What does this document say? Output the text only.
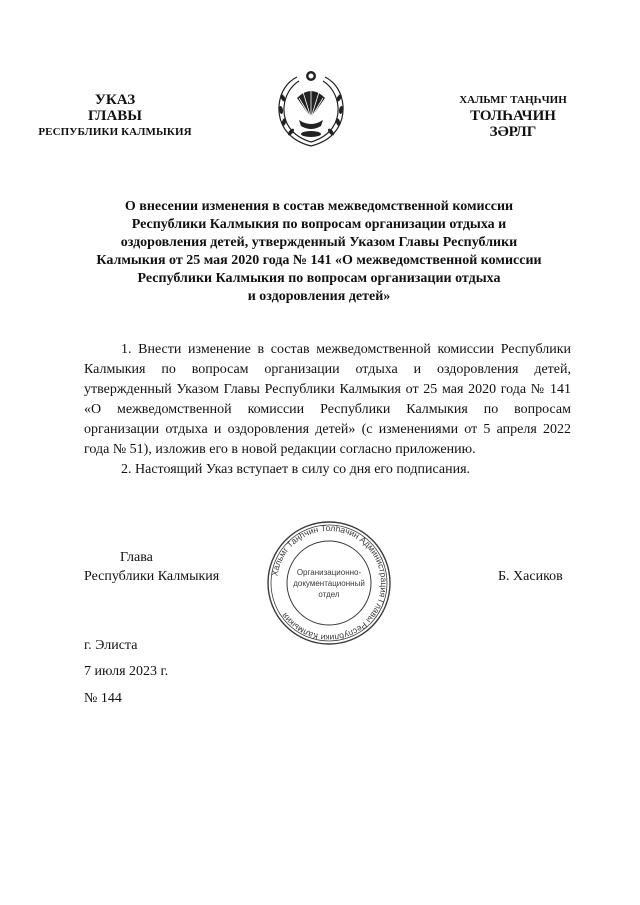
УКАЗ
ГЛАВЫ
РЕСПУБЛИКИ КАЛМЫКИЯ
ХАЛЬМГ ТАҢҺЧИН
ТОЛҺАЧИН
ЗӘРЛГ
О внесении изменения в состав межведомственной комиссии
Республики Калмыкия по вопросам организации отдыха и
оздоровления детей, утвержденный Указом Главы Республики
Калмыкия от 25 мая 2020 года № 141 «О межведомственной комиссии
Республики Калмыкия по вопросам организации отдыха
и оздоровления детей»

1. Внести изменение в состав межведомственной комиссии Республики Калмыкия по вопросам организации отдыха и оздоровления детей, утвержденный Указом Главы Республики Калмыкия от 25 мая 2020 года № 141 «О межведомственной комиссии Республики Калмыкия по вопросам организации отдыха и оздоровления детей» (с изменениями от 5 апреля 2022 года № 51), изложив его в новой редакции согласно приложению.

2. Настоящий Указ вступает в силу со дня его подписания.

Глава
Республики Калмыкия	Хальмг Таңһчин Толһачин Администрация Главы Республики Калмыкия
Организационно-
документационный
отдел
Б. Хасиков
г. Элиста
7 июля 2023 г.
№ 144
